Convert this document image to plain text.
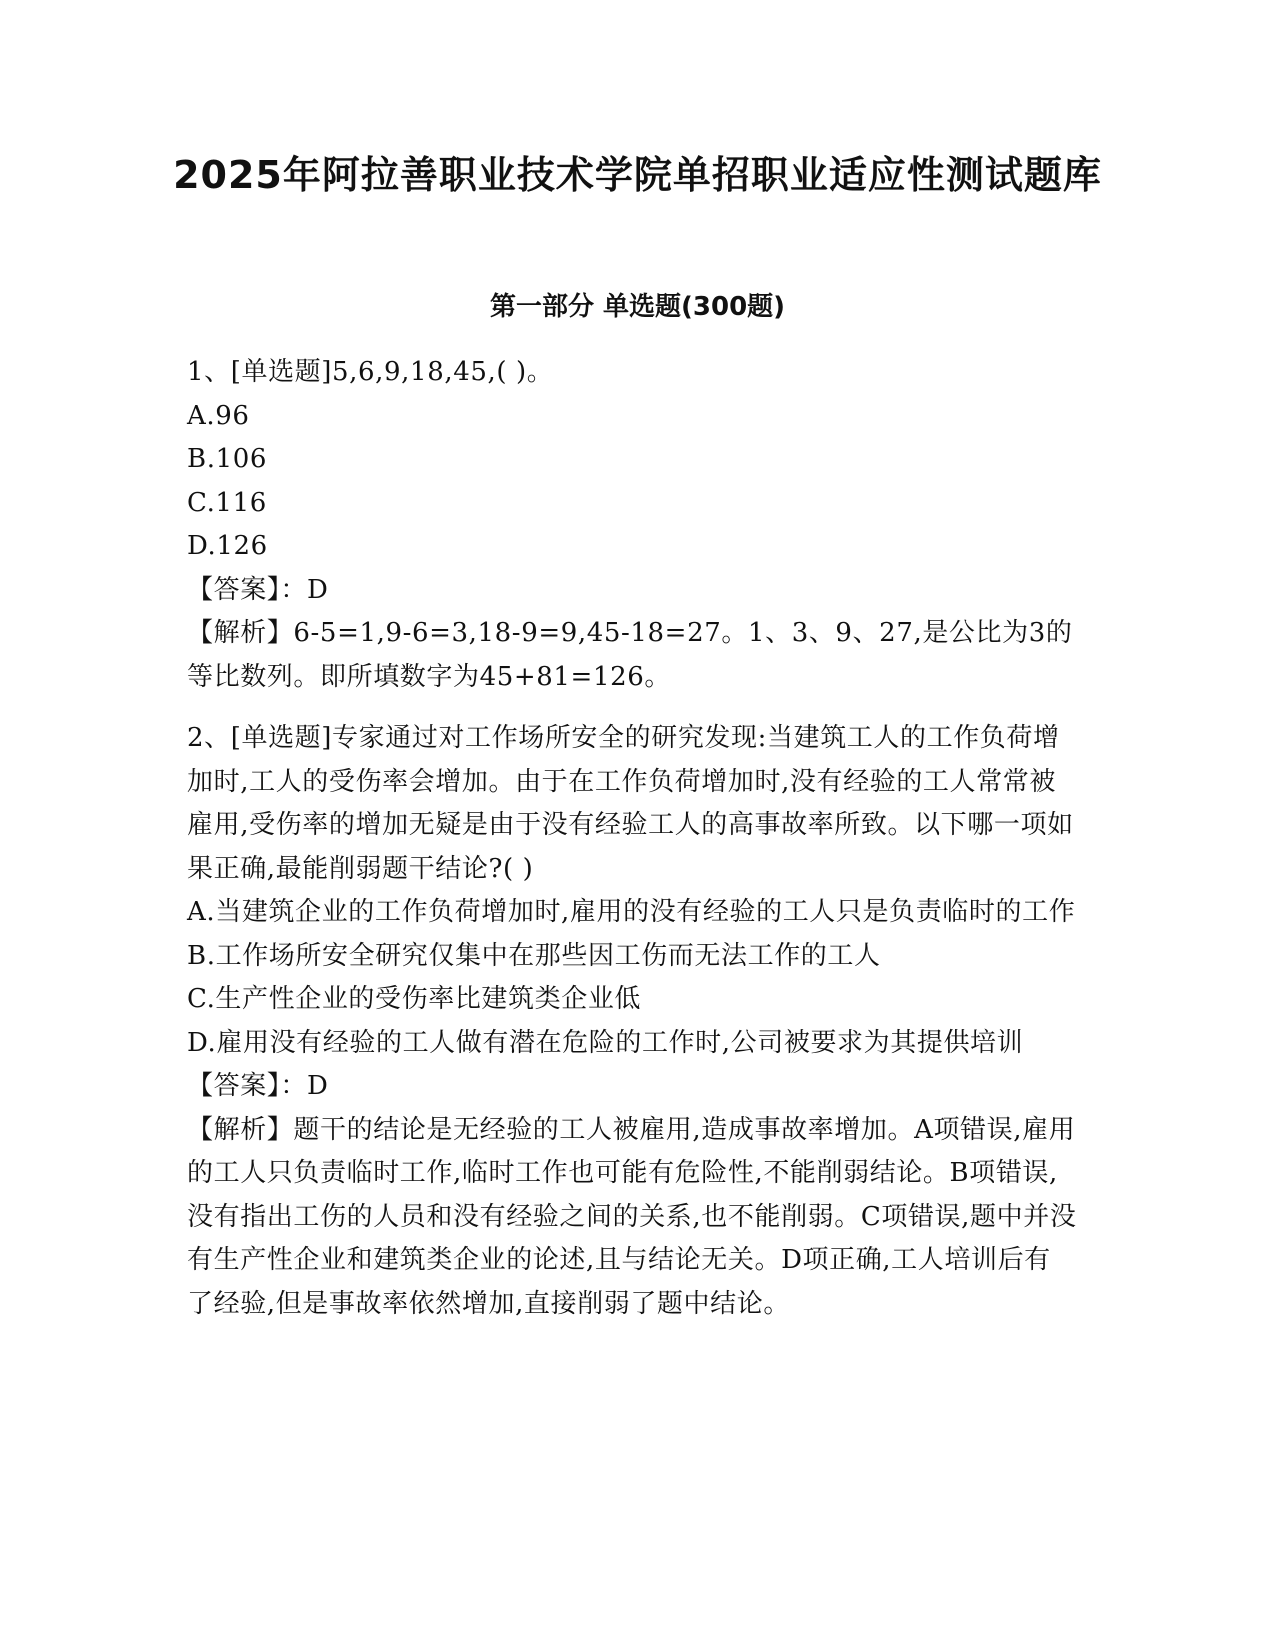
2025年阿拉善职业技术学院单招职业适应性测试题库
第一部分 单选题(300题)

1、[单选题]5,6,9,18,45,( )。

A.96

B.106

C.116

D.126

【答案】：D

【解析】6-5=1,9-6=3,18-9=9,45-18=27。1、3、9、27,是公比为3的等比数列。即所填数字为45+81=126。

2、[单选题]专家通过对工作场所安全的研究发现:当建筑工人的工作负荷增加时,工人的受伤率会增加。由于在工作负荷增加时,没有经验的工人常常被雇用,受伤率的增加无疑是由于没有经验工人的高事故率所致。以下哪一项如果正确,最能削弱题干结论?( )

A.当建筑企业的工作负荷增加时,雇用的没有经验的工人只是负责临时的工作

B.工作场所安全研究仅集中在那些因工伤而无法工作的工人

C.生产性企业的受伤率比建筑类企业低

D.雇用没有经验的工人做有潜在危险的工作时,公司被要求为其提供培训

【答案】：D

【解析】题干的结论是无经验的工人被雇用,造成事故率增加。A项错误,雇用的工人只负责临时工作,临时工作也可能有危险性,不能削弱结论。B项错误,没有指出工伤的人员和没有经验之间的关系,也不能削弱。C项错误,题中并没有生产性企业和建筑类企业的论述,且与结论无关。D项正确,工人培训后有了经验,但是事故率依然增加,直接削弱了题中结论。
